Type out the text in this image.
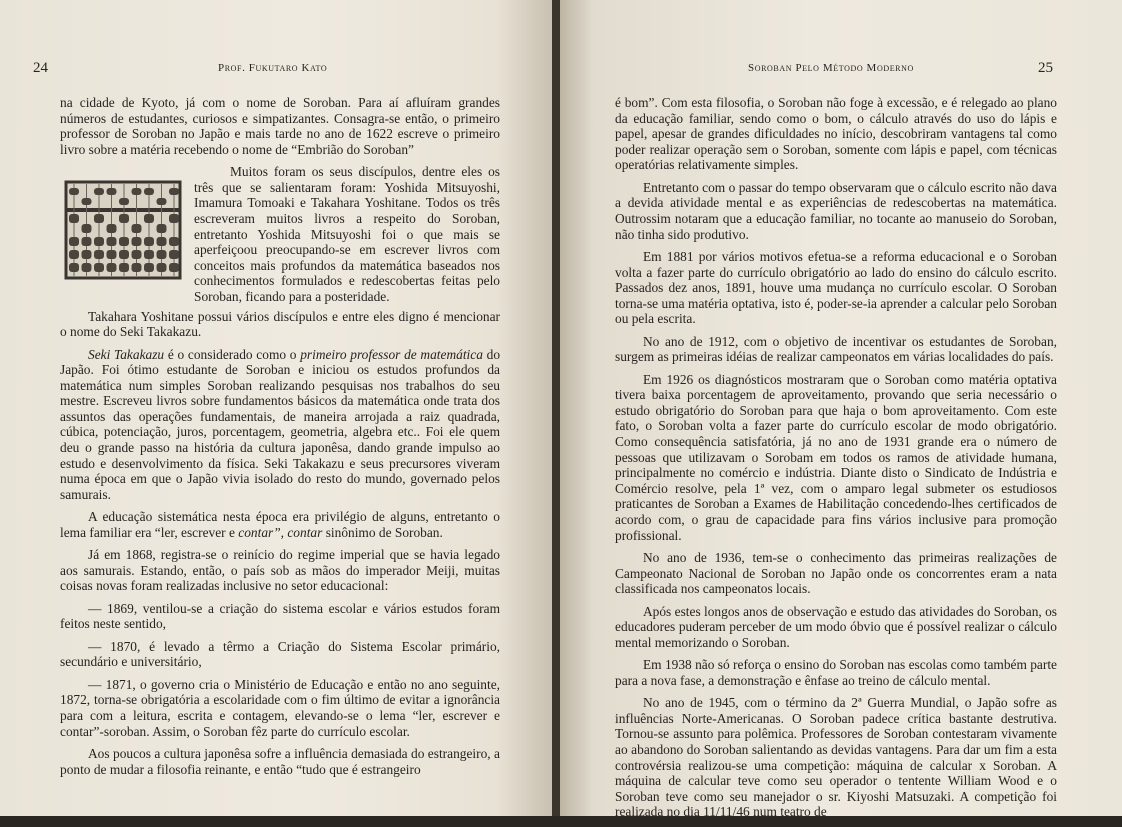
24	Prof. Fukutaro Kato

na cidade de Kyoto, já com o nome de Soroban. Para aí afluíram grandes números de estudantes, curiosos e simpatizantes. Consagra-se então, o primeiro professor de Soroban no Japão e mais tarde no ano de 1622 escreve o primeiro livro sobre a matéria recebendo o nome de “Embrião do Soroban”

Muitos foram os seus discípulos, dentre eles os três que se salientaram foram: Yoshida Mitsuyoshi, Imamura Tomoaki e Takahara Yoshitane. Todos os três escreveram muitos livros a respeito do Soroban, entretanto Yoshida Mitsuyoshi foi o que mais se aperfeiçoou preocupando-se em escrever livros com conceitos mais profundos da matemática baseados nos conhecimentos formulados e redescobertas feitas pelo Soroban, ficando para a posteridade.

Takahara Yoshitane possui vários discípulos e entre eles digno é mencionar o nome do Seki Takakazu.

Seki Takakazu é o considerado como o primeiro professor de matemática do Japão. Foi ótimo estudante de Soroban e iniciou os estudos profundos da matemática num simples Soroban realizando pesquisas nos trabalhos do seu mestre. Escreveu livros sobre fundamentos básicos da matemática onde trata dos assuntos das operações fundamentais, de maneira arrojada a raiz quadrada, cúbica, potenciação, juros, porcentagem, geometria, algebra etc.. Foi ele quem deu o grande passo na história da cultura japonêsa, dando grande impulso ao estudo e desenvolvimento da física. Seki Takakazu e seus precursores viveram numa época em que o Japão vivia isolado do resto do mundo, governado pelos samurais.

A educação sistemática nesta época era privilégio de alguns, entretanto o lema familiar era “ler, escrever e contar”, contar sinônimo de Soroban.

Já em 1868, registra-se o reinício do regime imperial que se havia legado aos samurais. Estando, então, o país sob as mãos do imperador Meiji, muitas coisas novas foram realizadas inclusive no setor educacional:

— 1869, ventilou-se a criação do sistema escolar e vários estudos foram feitos neste sentido,

— 1870, é levado a têrmo a Criação do Sistema Escolar primário, secundário e universitário,

— 1871, o governo cria o Ministério de Educação e então no ano seguinte, 1872, torna-se obrigatória a escolaridade com o fim último de evitar a ignorância para com a leitura, escrita e contagem, elevando-se o lema “ler, escrever e contar”-soroban. Assim, o Soroban fêz parte do currículo escolar.

Aos poucos a cultura japonêsa sofre a influência demasiada do estrangeiro, a ponto de mudar a filosofia reinante, e então “tudo que é estrangeiro

Soroban Pelo Método Moderno	25

é bom”. Com esta filosofia, o Soroban não foge à excessão, e é relegado ao plano da educação familiar, sendo como o bom, o cálculo através do uso do lápis e papel, apesar de grandes dificuldades no início, descobriram vantagens tal como poder realizar operação sem o Soroban, somente com lápis e papel, com técnicas operatórias relativamente simples.

Entretanto com o passar do tempo observaram que o cálculo escrito não dava a devida atividade mental e as experiências de redescobertas na matemática. Outrossim notaram que a educação familiar, no tocante ao manuseio do Soroban, não tinha sido produtivo.

Em 1881 por vários motivos efetua-se a reforma educacional e o Soroban volta a fazer parte do currículo obrigatório ao lado do ensino do cálculo escrito. Passados dez anos, 1891, houve uma mudança no currículo escolar. O Soroban torna-se uma matéria optativa, isto é, poder-se-ia aprender a calcular pelo Soroban ou pela escrita.

No ano de 1912, com o objetivo de incentivar os estudantes de Soroban, surgem as primeiras idéias de realizar campeonatos em várias localidades do país.

Em 1926 os diagnósticos mostraram que o Soroban como matéria optativa tivera baixa porcentagem de aproveitamento, provando que seria necessário o estudo obrigatório do Soroban para que haja o bom aproveitamento. Com este fato, o Soroban volta a fazer parte do currículo escolar de modo obrigatório. Como consequência satisfatória, já no ano de 1931 grande era o número de pessoas que utilizavam o Sorobam em todos os ramos de atividade humana, principalmente no comércio e indústria. Diante disto o Sindicato de Indústria e Comércio resolve, pela 1ª vez, com o amparo legal submeter os estudiosos praticantes de Soroban a Exames de Habilitação concedendo-lhes certificados de acordo com, o grau de capacidade para fins vários inclusive para promoção profissional.

No ano de 1936, tem-se o conhecimento das primeiras realizações de Campeonato Nacional de Soroban no Japão onde os concorrentes eram a nata classificada nos campeonatos locais.

Após estes longos anos de observação e estudo das atividades do Soroban, os educadores puderam perceber de um modo óbvio que é possível realizar o cálculo mental memorizando o Soroban.

Em 1938 não só reforça o ensino do Soroban nas escolas como também parte para a nova fase, a demonstração e ênfase ao treino de cálculo mental.

No ano de 1945, com o término da 2ª Guerra Mundial, o Japão sofre as influências Norte-Americanas. O Soroban padece crítica bastante destrutiva. Tornou-se assunto para polêmica. Professores de Soroban contestaram vivamente ao abandono do Soroban salientando as devidas vantagens. Para dar um fim a esta controvérsia realizou-se uma competição: máquina de calcular x Soroban. A máquina de calcular teve como seu operador o tentente William Wood e o Soroban teve como seu manejador o sr. Kiyoshi Matsuzaki. A competição foi realizada no dia 11/11/46 num teatro de
